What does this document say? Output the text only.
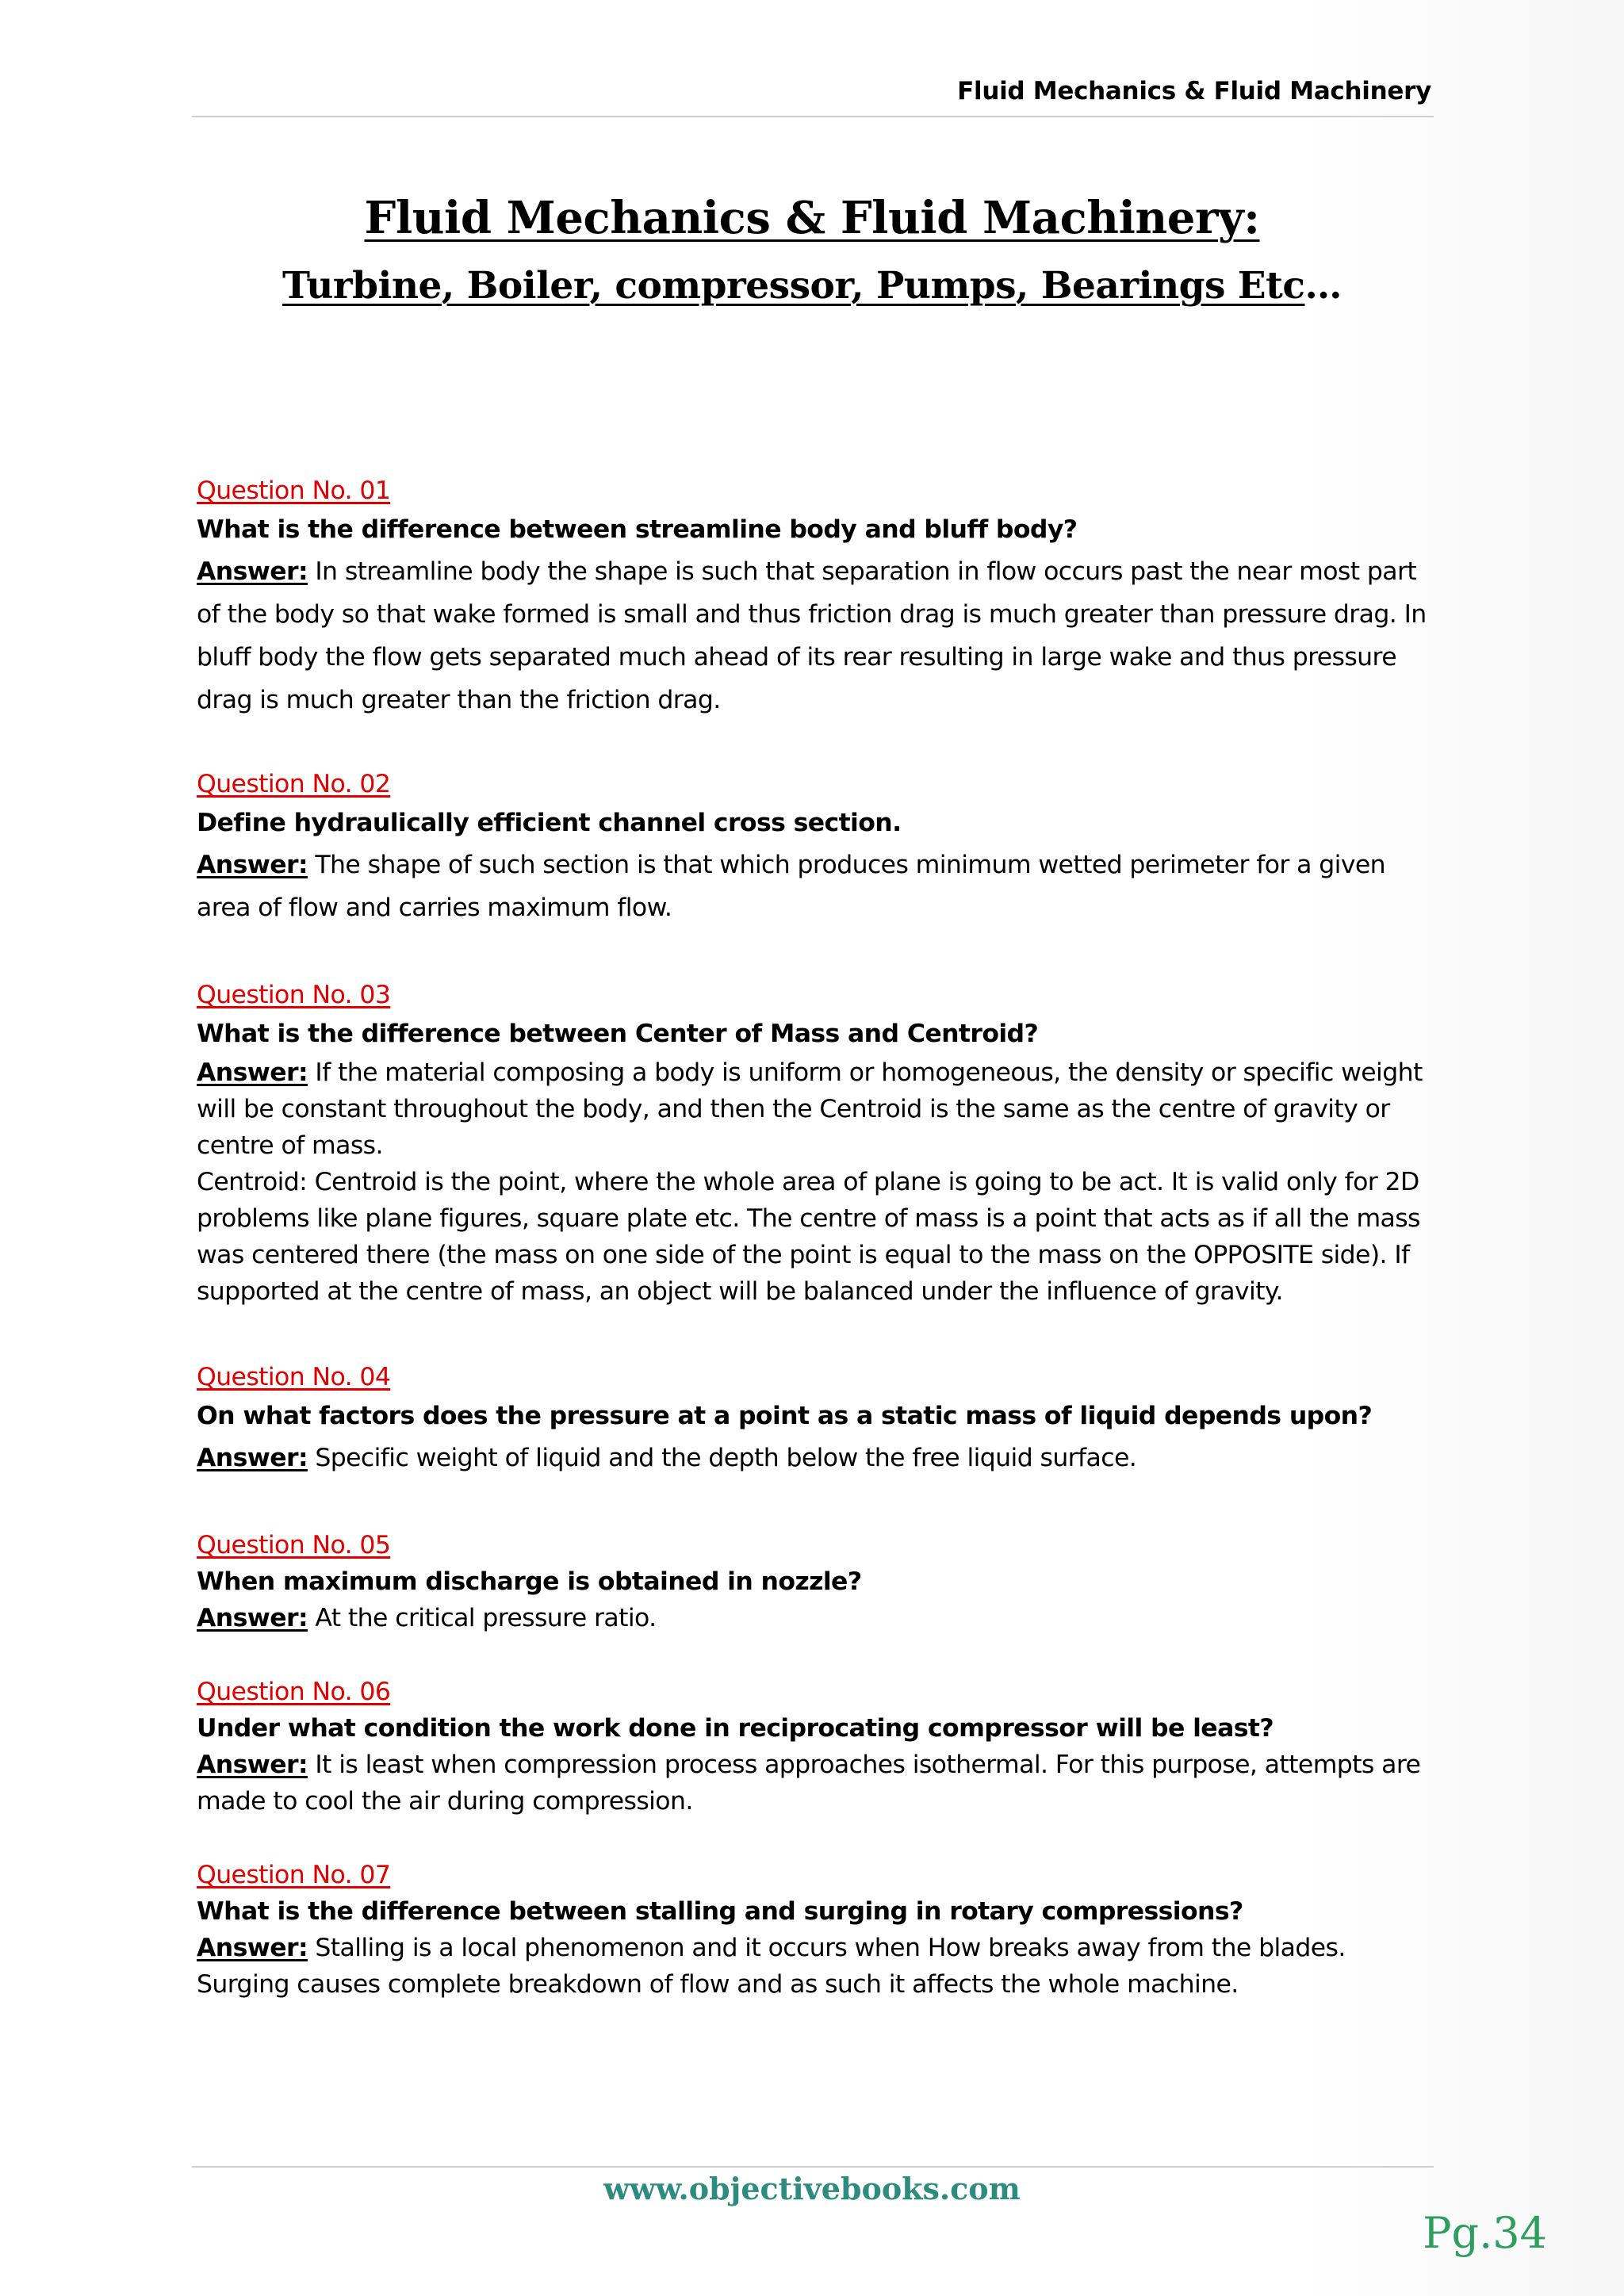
Fluid Mechanics & Fluid Machinery
Fluid Mechanics & Fluid Machinery:
Turbine, Boiler, compressor, Pumps, Bearings Etc…
Question No. 01
What is the difference between streamline body and bluff body?
Answer: In streamline body the shape is such that separation in flow occurs past the near most part of the body so that wake formed is small and thus friction drag is much greater than pressure drag. In bluff body the flow gets separated much ahead of its rear resulting in large wake and thus pressure drag is much greater than the friction drag.
Question No. 02
Define hydraulically efficient channel cross section.
Answer: The shape of such section is that which produces minimum wetted perimeter for a given area of flow and carries maximum flow.
Question No. 03
What is the difference between Center of Mass and Centroid?
Answer: If the material composing a body is uniform or homogeneous, the density or specific weight will be constant throughout the body, and then the Centroid is the same as the centre of gravity or centre of mass.
Centroid: Centroid is the point, where the whole area of plane is going to be act. It is valid only for 2D problems like plane figures, square plate etc. The centre of mass is a point that acts as if all the mass was centered there (the mass on one side of the point is equal to the mass on the OPPOSITE side). If supported at the centre of mass, an object will be balanced under the influence of gravity.
Question No. 04
On what factors does the pressure at a point as a static mass of liquid depends upon?
Answer: Specific weight of liquid and the depth below the free liquid surface.
Question No. 05
When maximum discharge is obtained in nozzle?
Answer: At the critical pressure ratio.
Question No. 06
Under what condition the work done in reciprocating compressor will be least?
Answer: It is least when compression process approaches isothermal. For this purpose, attempts are made to cool the air during compression.
Question No. 07
What is the difference between stalling and surging in rotary compressions?
Answer: Stalling is a local phenomenon and it occurs when How breaks away from the blades. Surging causes complete breakdown of flow and as such it affects the whole machine.
www.objectivebooks.com
Pg.34
